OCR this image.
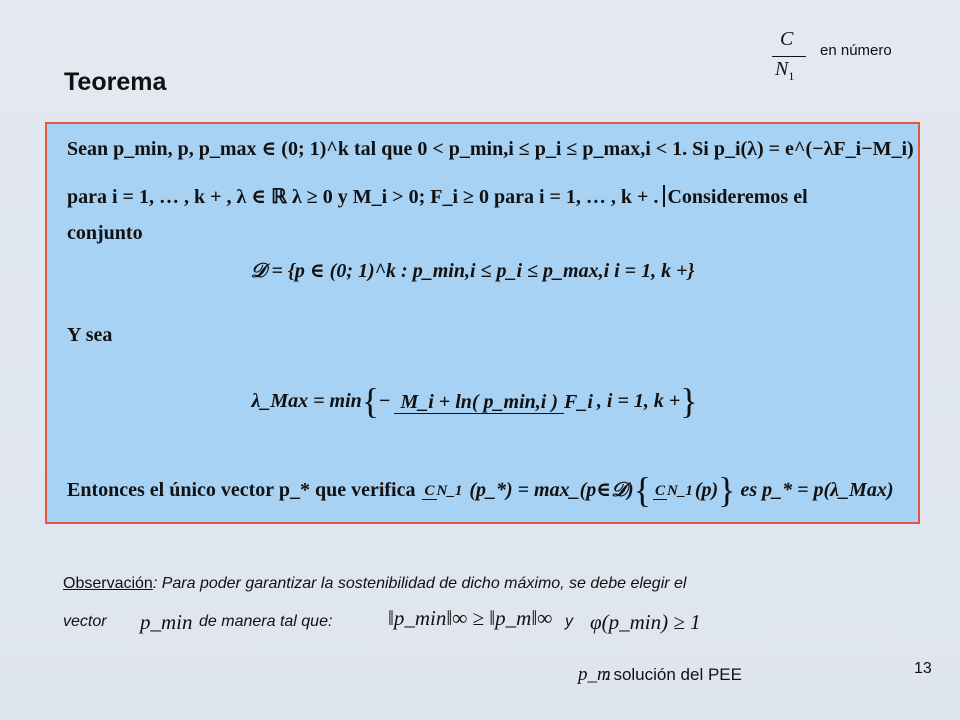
C
$N_1$
en número
Teorema
Sean p_min, p, p_max ∈ (0; 1)^k tal que 0 < p_min,i ≤ p_i ≤ p_max,i < 1. Si p_i(λ) = e^(−λF_i−M_i)
para i = 1, … , k + , λ ∈ ℝ λ ≥ 0 y M_i > 0; F_i ≥ 0 para i = 1, … , k + . Consideremos el
conjunto
𝒟 = {p ∈ (0; 1)^k : p_min,i ≤ p_i ≤ p_max,i i = 1, k +}
Y sea
λ_Max = min{− M_i + ln( p_min,i ) F_i , i = 1, k +}
Entonces el único vector p_* que verifica C N_1 (p_*) = max_(p∈𝒟){ C N_1 (p)} es p_* = p(λ_Max)
Observación: Para poder garantizar la sostenibilidad de dicho máximo, se debe elegir el
vector p_min de manera tal que:	‖p_min‖∞ ≥ ‖p_m‖∞ y φ(p_min) ≥ 1
p_m
: solución del PEE	13
